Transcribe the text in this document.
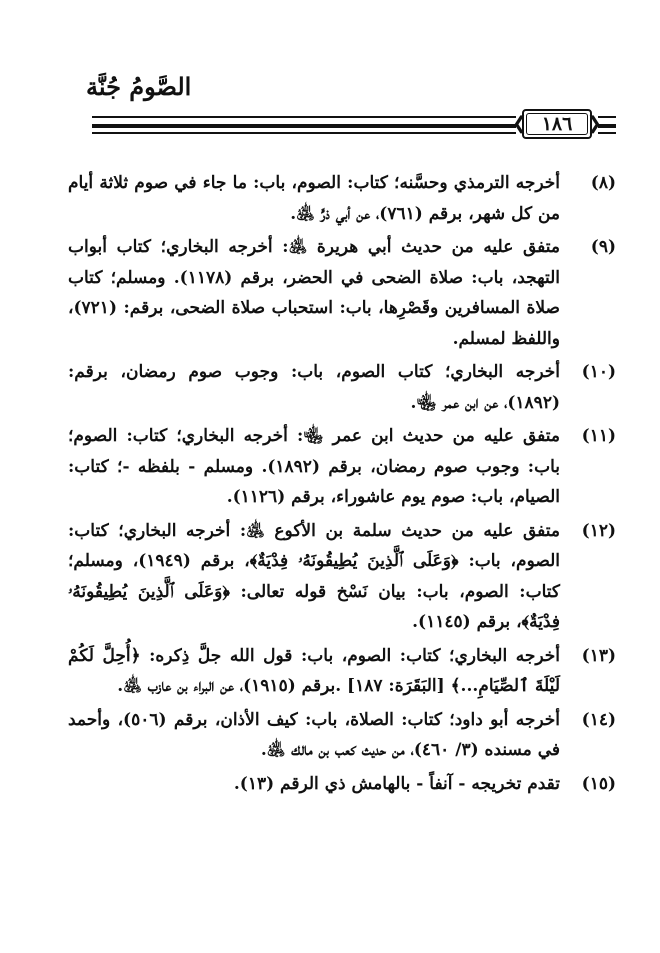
الصَّومُ جُنَّة
❮ ١٨٦ ❯
(٨)
أخرجه الترمذي وحسَّنه؛ كتاب: الصوم، باب: ما جاء في صوم ثلاثة أيام من كل شهر، برقم (٧٦١)، عن أبي ذرٍّ ﵁.
(٩)
متفق عليه من حديث أبي هريرة ﵁: أخرجه البخاري؛ كتاب أبواب التهجد، باب: صلاة الضحى في الحضر، برقم (١١٧٨). ومسلم؛ كتاب صلاة المسافرين وقَصْرِها، باب: استحباب صلاة الضحى، برقم: (٧٢١)، واللفظ لمسلم.
(١٠)
أخرجه البخاري؛ كتاب الصوم، باب: وجوب صوم رمضان، برقم: (١٨٩٢)، عن ابن عمر ﵄.
(١١)
متفق عليه من حديث ابن عمر ﵄: أخرجه البخاري؛ كتاب: الصوم؛ باب: وجوب صوم رمضان، برقم (١٨٩٢). ومسلم - بلفظه -؛ كتاب: الصيام، باب: صوم يوم عاشوراء، برقم (١١٢٦).
(١٢)
متفق عليه من حديث سلمة بن الأكوع ﵁: أخرجه البخاري؛ كتاب: الصوم، باب: ﴿وَعَلَى ٱلَّذِينَ يُطِيقُونَهُۥ فِدْيَةٌ﴾، برقم (١٩٤٩)، ومسلم؛ كتاب: الصوم، باب: بيان نَسْخ قوله تعالى: ﴿وَعَلَى ٱلَّذِينَ يُطِيقُونَهُۥ فِدْيَةٌ﴾، برقم (١١٤٥).
(١٣)
أخرجه البخاري؛ كتاب: الصوم، باب: قول الله جلَّ ذِكره: ﴿أُحِلَّ لَكُمْ لَيْلَةَ ٱلصِّيَامِ...﴾ [البَقَرَة: ١٨٧] .برقم (١٩١٥)، عن البراء بن عازب ﵁.
(١٤)
أخرجه أبو داود؛ كتاب: الصلاة، باب: كيف الأذان، برقم (٥٠٦)، وأحمد في مسنده (٣/ ٤٦٠)، من حديث كعب بن مالك ﵁.
(١٥)
تقدم تخريجه - آنفاً - بالهامش ذي الرقم (١٣).
